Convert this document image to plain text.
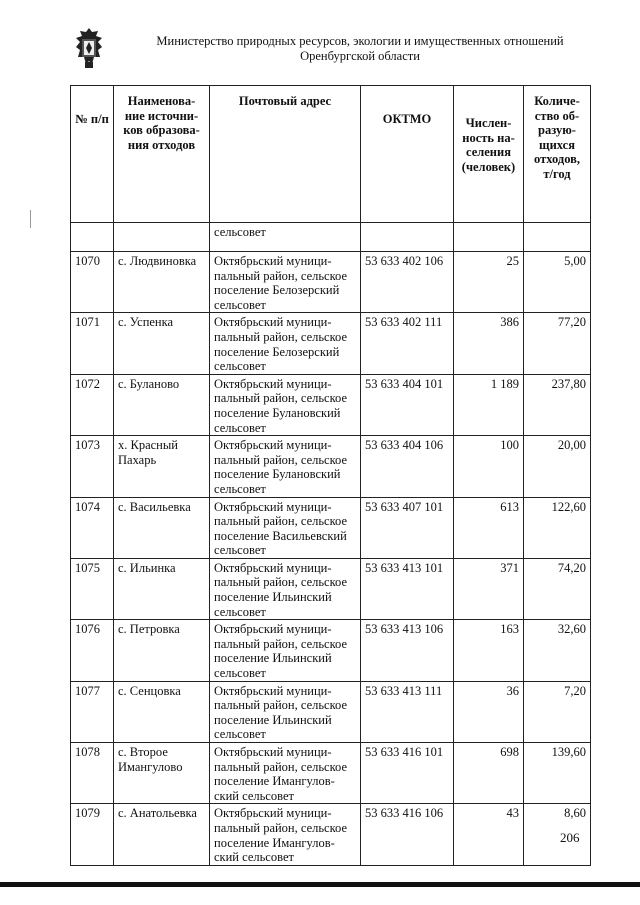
Министерство природных ресурсов, экологии и имущественных отношений
Оренбургской области
№ п/п	Наименова-ние источни-ков образова-ния отходов	Почтовый адрес	ОКТМО	Числен-ность на-селения (человек)	Количе-ство об-разую-щихся отходов, т/год
		сельсовет			
1070	с. Людвиновка	Октябрьский муници-пальный район, сельское поселение Белозерский сельсовет	53 633 402 106	25	5,00
1071	с. Успенка	Октябрьский муници-пальный район, сельское поселение Белозерский сельсовет	53 633 402 111	386	77,20
1072	с. Буланово	Октябрьский муници-пальный район, сельское поселение Булановский сельсовет	53 633 404 101	1 189	237,80
1073	х. Красный Пахарь	Октябрьский муници-пальный район, сельское поселение Булановский сельсовет	53 633 404 106	100	20,00
1074	с. Васильевка	Октябрьский муници-пальный район, сельское поселение Васильевский сельсовет	53 633 407 101	613	122,60
1075	с. Ильинка	Октябрьский муници-пальный район, сельское поселение Ильинский сельсовет	53 633 413 101	371	74,20
1076	с. Петровка	Октябрьский муници-пальный район, сельское поселение Ильинский сельсовет	53 633 413 106	163	32,60
1077	с. Сенцовка	Октябрьский муници-пальный район, сельское поселение Ильинский сельсовет	53 633 413 111	36	7,20
1078	с. Второе Имангулово	Октябрьский муници-пальный район, сельское поселение Имангулов-ский сельсовет	53 633 416 101	698	139,60
1079	с. Анатольевка	Октябрьский муници-пальный район, сельское поселение Имангулов-ский сельсовет	53 633 416 106	43	8,60
206
